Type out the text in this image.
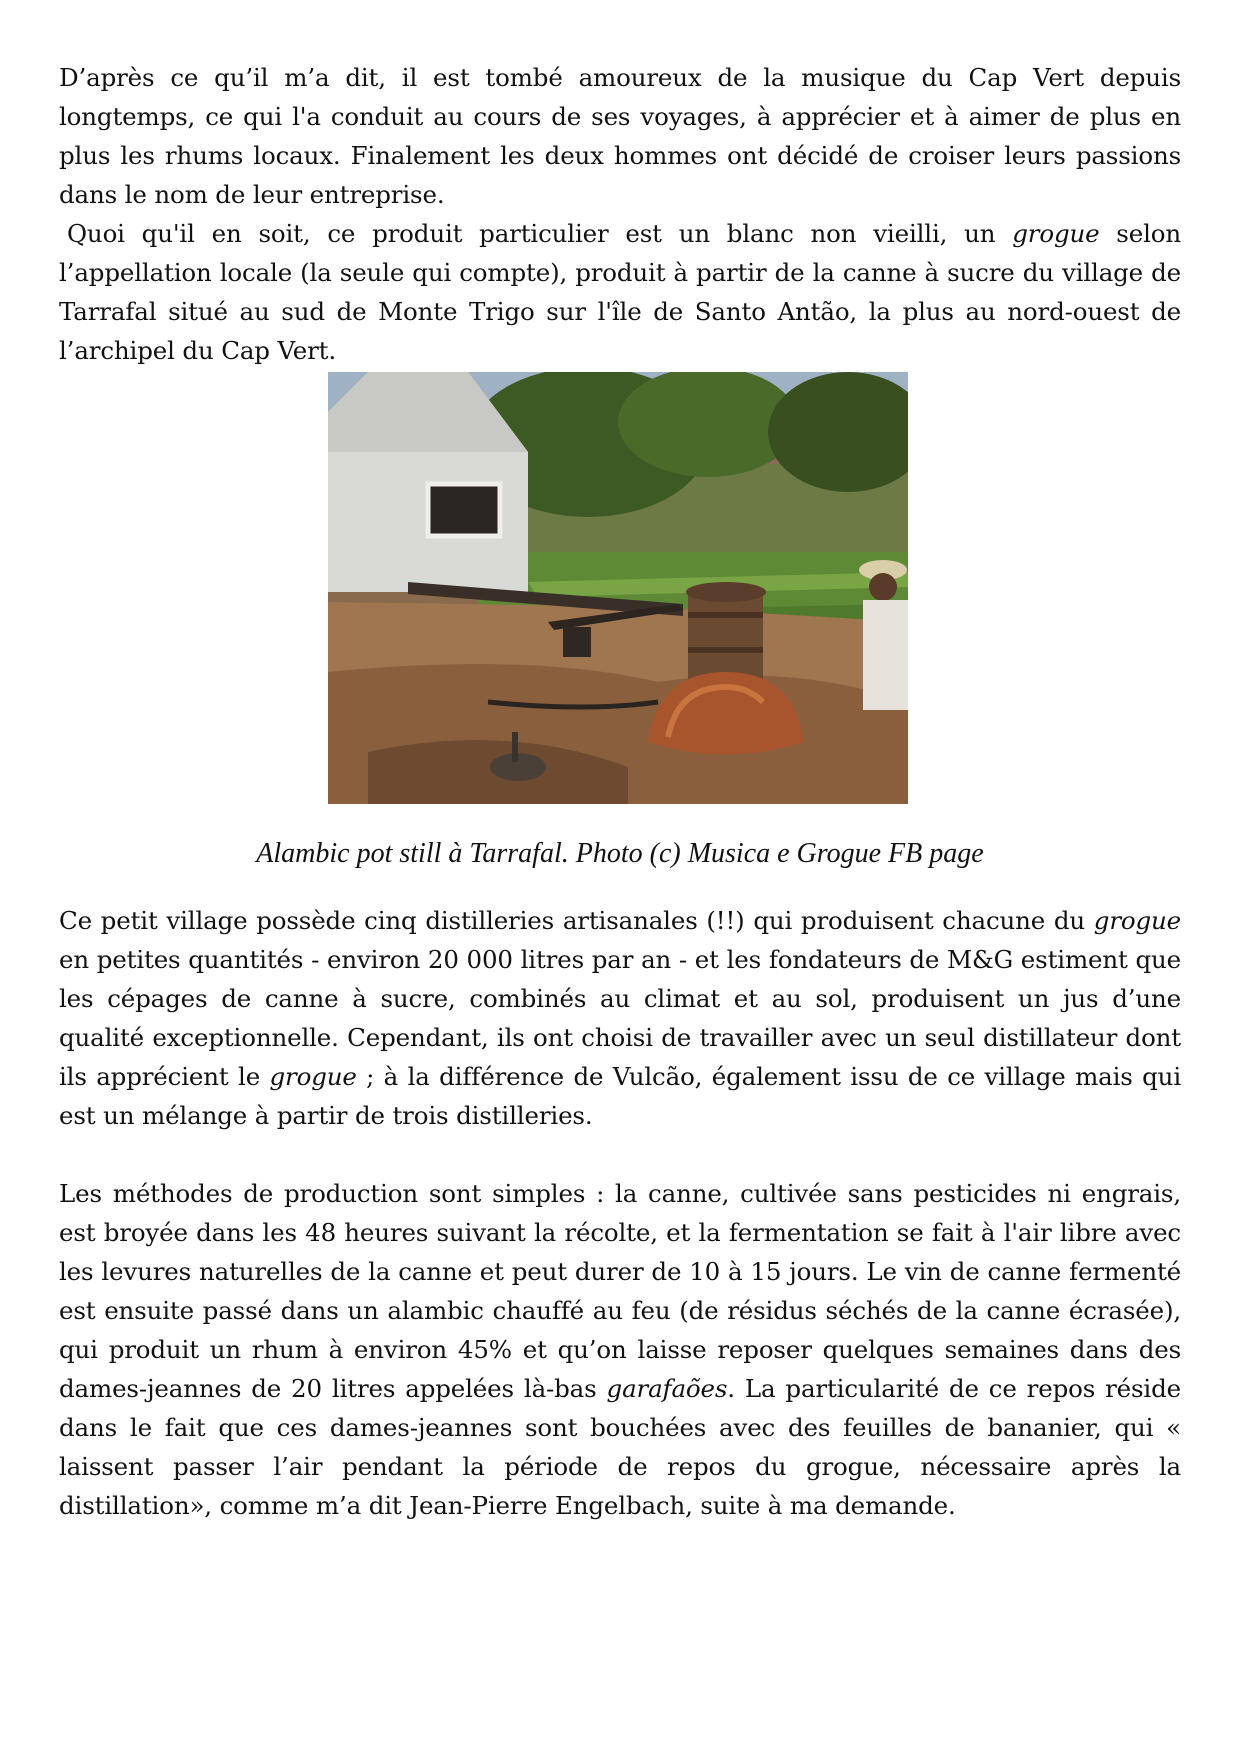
D’après ce qu’il m’a dit, il est tombé amoureux de la musique du Cap Vert depuis longtemps, ce qui l'a conduit au cours de ses voyages, à apprécier et à aimer de plus en plus les rhums locaux. Finalement les deux hommes ont décidé de croiser leurs passions dans le nom de leur entreprise.

Quoi qu'il en soit, ce produit particulier est un blanc non vieilli, un grogue selon l’appellation locale (la seule qui compte), produit à partir de la canne à sucre du village de Tarrafal situé au sud de Monte Trigo sur l'île de Santo Antão, la plus au nord-ouest de l’archipel du Cap Vert.

Alambic pot still à Tarrafal. Photo (c) Musica e Grogue FB page

Ce petit village possède cinq distilleries artisanales (!!) qui produisent chacune du grogue en petites quantités - environ 20 000 litres par an - et les fondateurs de M&G estiment que les cépages de canne à sucre, combinés au climat et au sol, produisent un jus d’une qualité exceptionnelle. Cependant, ils ont choisi de travailler avec un seul distillateur dont ils apprécient le grogue ; à la différence de Vulcão, également issu de ce village mais qui est un mélange à partir de trois distilleries.

Les méthodes de production sont simples : la canne, cultivée sans pesticides ni engrais, est broyée dans les 48 heures suivant la récolte, et la fermentation se fait à l'air libre avec les levures naturelles de la canne et peut durer de 10 à 15 jours. Le vin de canne fermenté est ensuite passé dans un alambic chauffé au feu (de résidus séchés de la canne écrasée), qui produit un rhum à environ 45% et qu’on laisse reposer quelques semaines dans des dames-jeannes de 20 litres appelées là-bas garafaões. La particularité de ce repos réside dans le fait que ces dames-jeannes sont bouchées avec des feuilles de bananier, qui « laissent passer l’air pendant la période de repos du grogue, nécessaire après la distillation», comme m’a dit Jean-Pierre Engelbach, suite à ma demande.
